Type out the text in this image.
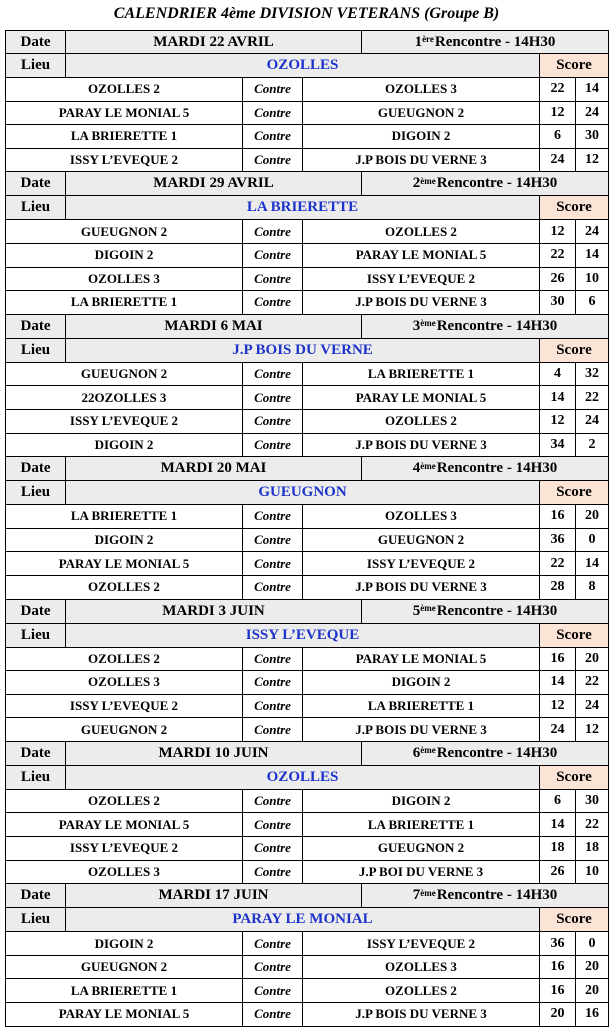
CALENDRIER 4ème DIVISION VETERANS (Groupe B)
Date	MARDI 22 AVRIL	1ère Rencontre - 14H30
Lieu	OZOLLES	Score
OZOLLES 2	Contre	OZOLLES 3	22	14
PARAY LE MONIAL 5	Contre	GUEUGNON 2	12	24
LA BRIERETTE 1	Contre	DIGOIN 2	6	30
ISSY L’EVEQUE 2	Contre	J.P BOIS DU VERNE 3	24	12
Date	MARDI 29 AVRIL	2ème Rencontre - 14H30
Lieu	LA BRIERETTE	Score
GUEUGNON 2	Contre	OZOLLES 2	12	24
DIGOIN 2	Contre	PARAY LE MONIAL 5	22	14
OZOLLES 3	Contre	ISSY L’EVEQUE 2	26	10
LA BRIERETTE 1	Contre	J.P BOIS DU VERNE 3	30	6
Date	MARDI 6 MAI	3ème Rencontre - 14H30
Lieu	J.P BOIS DU VERNE	Score
GUEUGNON 2	Contre	LA BRIERETTE 1	4	32
22OZOLLES 3	Contre	PARAY LE MONIAL 5	14	22
ISSY L’EVEQUE 2	Contre	OZOLLES 2	12	24
DIGOIN 2	Contre	J.P BOIS DU VERNE 3	34	2
Date	MARDI 20 MAI	4ème Rencontre - 14H30
Lieu	GUEUGNON	Score
LA BRIERETTE 1	Contre	OZOLLES 3	16	20
DIGOIN 2	Contre	GUEUGNON 2	36	0
PARAY LE MONIAL 5	Contre	ISSY L’EVEQUE 2	22	14
OZOLLES 2	Contre	J.P BOIS DU VERNE 3	28	8
Date	MARDI 3 JUIN	5ème Rencontre - 14H30
Lieu	ISSY L’EVEQUE	Score
OZOLLES 2	Contre	PARAY LE MONIAL 5	16	20
OZOLLES 3	Contre	DIGOIN 2	14	22
ISSY L’EVEQUE 2	Contre	LA BRIERETTE 1	12	24
GUEUGNON 2	Contre	J.P BOIS DU VERNE 3	24	12
Date	MARDI 10 JUIN	6ème Rencontre - 14H30
Lieu	OZOLLES	Score
OZOLLES 2	Contre	DIGOIN 2	6	30
PARAY LE MONIAL 5	Contre	LA BRIERETTE 1	14	22
ISSY L’EVEQUE 2	Contre	GUEUGNON 2	18	18
OZOLLES 3	Contre	J.P BOI DU VERNE 3	26	10
Date	MARDI 17 JUIN	7ème Rencontre - 14H30
Lieu	PARAY LE MONIAL	Score
DIGOIN 2	Contre	ISSY L’EVEQUE 2	36	0
GUEUGNON 2	Contre	OZOLLES 3	16	20
LA BRIERETTE 1	Contre	OZOLLES 2	16	20
PARAY LE MONIAL 5	Contre	J.P BOIS DU VERNE 3	20	16
